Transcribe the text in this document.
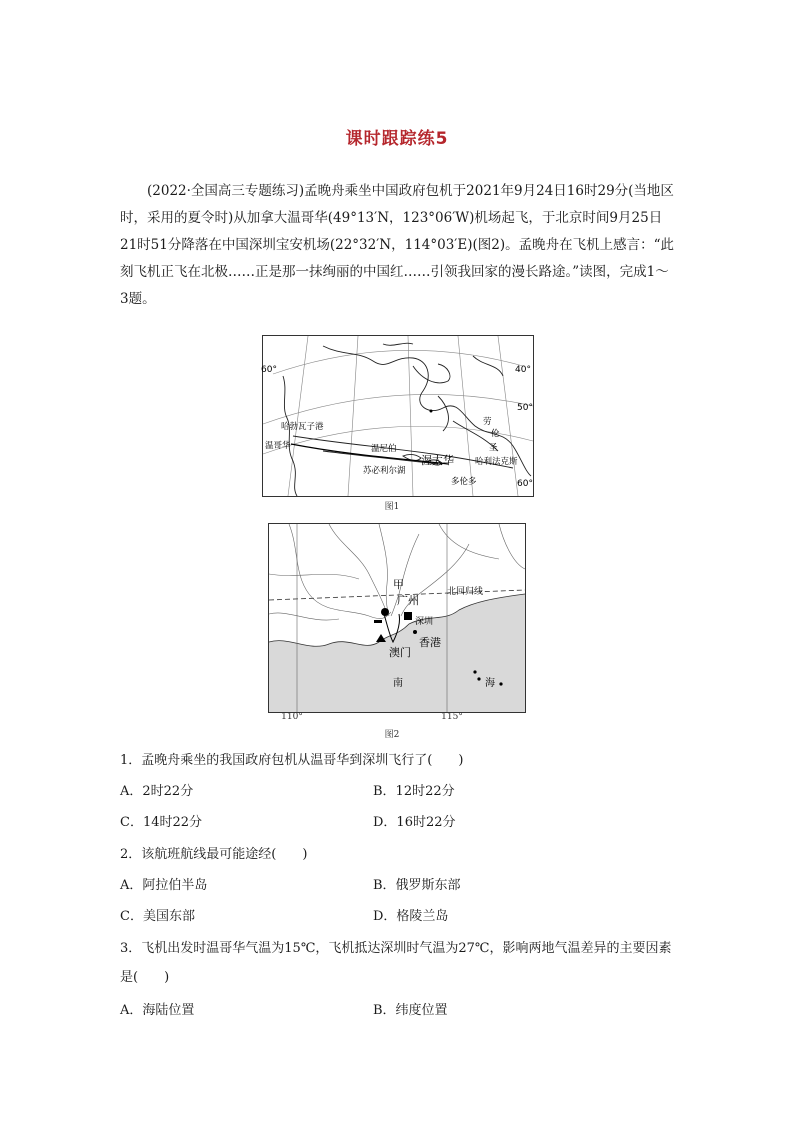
课时跟踪练5

(2022·全国高三专题练习)孟晚舟乘坐中国政府包机于2021年9月24日16时29分(当地区时，采用的夏令时)从加拿大温哥华(49°13′N，123°06′W)机场起飞，于北京时间9月25日21时51分降落在中国深圳宝安机场(22°32′N，114°03′E)(图2)。孟晚舟在飞机上感言：“此刻飞机正飞在北极……正是那一抹绚丽的中国红……引领我回家的漫长路途。”读图，完成1～3题。

60°	40°
50°
60°
哈勃瓦子港
温哥华	温尼伯
苏必利尔湖
渥太华
多伦多
哈利法克斯
劳
伦
圣
图1
甲
广州
北回归线
深圳
香港
澳门
南	海
110°	115°
图2
1．孟晚舟乘坐的我国政府包机从温哥华到深圳飞行了(　　)
A．2时22分	B．12时22分
C．14时22分	D．16时22分
2．该航班航线最可能途经(　　)
A．阿拉伯半岛	B．俄罗斯东部
C．美国东部	D．格陵兰岛
3．飞机出发时温哥华气温为15℃，飞机抵达深圳时气温为27℃，影响两地气温差异的主要因素是(　　)
A．海陆位置	B．纬度位置
